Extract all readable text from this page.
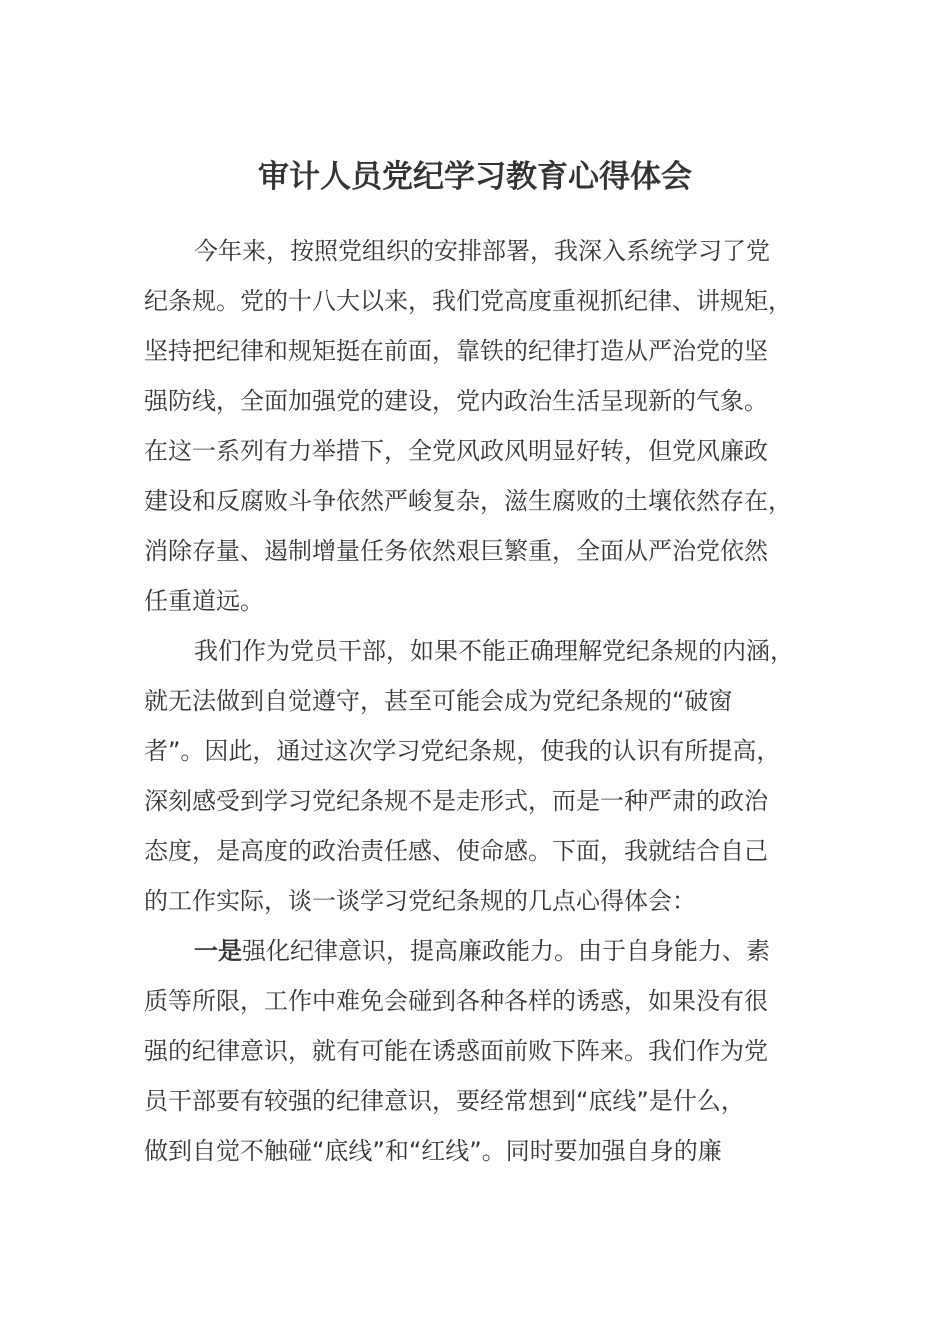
审计人员党纪学习教育心得体会
今年来，按照党组织的安排部署，我深入系统学习了党
纪条规。党的十八大以来，我们党高度重视抓纪律、讲规矩，
坚持把纪律和规矩挺在前面，靠铁的纪律打造从严治党的坚
强防线，全面加强党的建设，党内政治生活呈现新的气象。
在这一系列有力举措下，全党风政风明显好转，但党风廉政
建设和反腐败斗争依然严峻复杂，滋生腐败的土壤依然存在，
消除存量、遏制增量任务依然艰巨繁重，全面从严治党依然
任重道远。
我们作为党员干部，如果不能正确理解党纪条规的内涵，
就无法做到自觉遵守，甚至可能会成为党纪条规的“破窗
者”。因此，通过这次学习党纪条规，使我的认识有所提高，
深刻感受到学习党纪条规不是走形式，而是一种严肃的政治
态度，是高度的政治责任感、使命感。下面，我就结合自己
的工作实际，谈一谈学习党纪条规的几点心得体会：
一是强化纪律意识，提高廉政能力。由于自身能力、素
质等所限，工作中难免会碰到各种各样的诱惑，如果没有很
强的纪律意识，就有可能在诱惑面前败下阵来。我们作为党
员干部要有较强的纪律意识，要经常想到“底线”是什么，
做到自觉不触碰“底线”和“红线”。同时要加强自身的廉
